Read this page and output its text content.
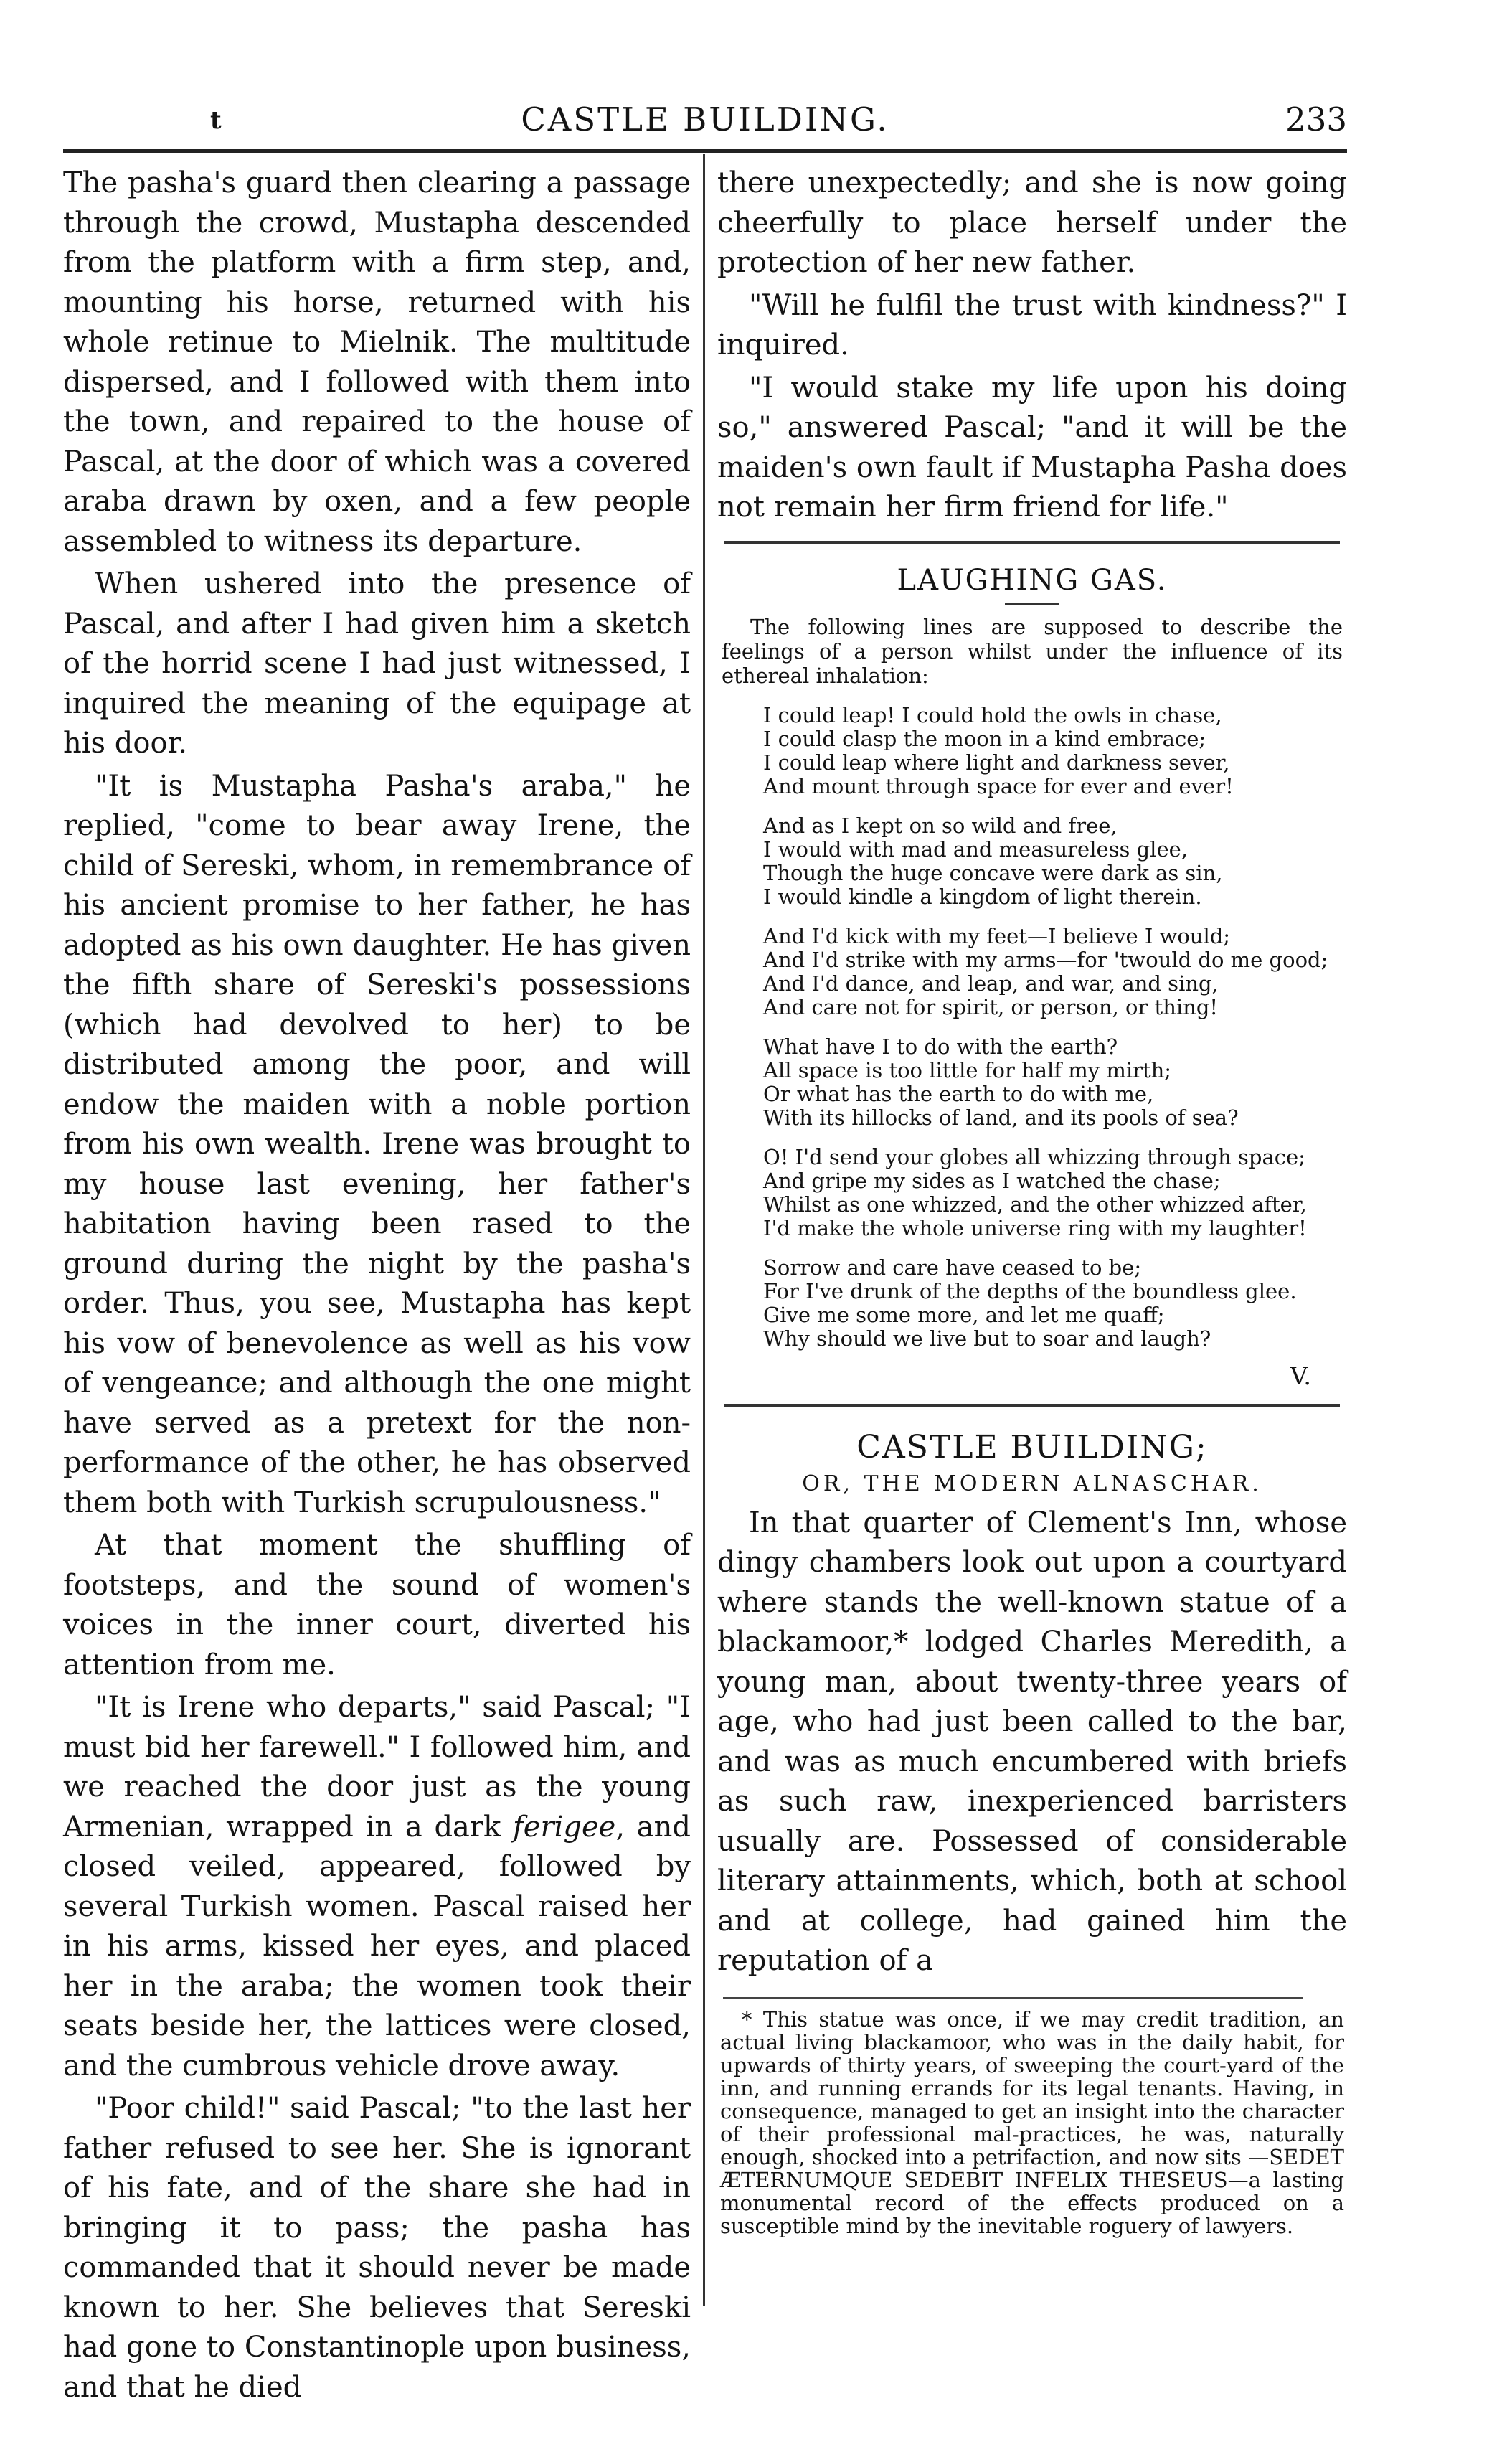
t	CASTLE BUILDING.	233

The pasha's guard then clearing a passage through the crowd, Mustapha descended from the platform with a firm step, and, mounting his horse, returned with his whole retinue to Mielnik. The multitude dispersed, and I followed with them into the town, and repaired to the house of Pascal, at the door of which was a covered araba drawn by oxen, and a few people assembled to witness its departure.

When ushered into the presence of Pascal, and after I had given him a sketch of the horrid scene I had just witnessed, I inquired the meaning of the equipage at his door.

"It is Mustapha Pasha's araba," he replied, "come to bear away Irene, the child of Sereski, whom, in remembrance of his ancient promise to her father, he has adopted as his own daughter. He has given the fifth share of Sereski's possessions (which had devolved to her) to be distributed among the poor, and will endow the maiden with a noble portion from his own wealth. Irene was brought to my house last evening, her father's habitation having been rased to the ground during the night by the pasha's order. Thus, you see, Mustapha has kept his vow of benevolence as well as his vow of vengeance; and although the one might have served as a pretext for the non-performance of the other, he has observed them both with Turkish scrupulousness."

At that moment the shuffling of footsteps, and the sound of women's voices in the inner court, diverted his attention from me.

"It is Irene who departs," said Pascal; "I must bid her farewell." I followed him, and we reached the door just as the young Armenian, wrapped in a dark ferigee, and closed veiled, appeared, followed by several Turkish women. Pascal raised her in his arms, kissed her eyes, and placed her in the araba; the women took their seats beside her, the lattices were closed, and the cumbrous vehicle drove away.

"Poor child!" said Pascal; "to the last her father refused to see her. She is ignorant of his fate, and of the share she had in bringing it to pass; the pasha has commanded that it should never be made known to her. She believes that Sereski had gone to Constantinople upon business, and that he died

there unexpectedly; and she is now going cheerfully to place herself under the protection of her new father.

"Will he fulfil the trust with kindness?" I inquired.

"I would stake my life upon his doing so," answered Pascal; "and it will be the maiden's own fault if Mustapha Pasha does not remain her firm friend for life."

LAUGHING GAS.
The following lines are supposed to describe the feelings of a person whilst under the influence of its ethereal inhalation:
I could leap! I could hold the owls in chase,
I could clasp the moon in a kind embrace;
I could leap where light and darkness sever,
And mount through space for ever and ever!
And as I kept on so wild and free,
I would with mad and measureless glee,
Though the huge concave were dark as sin,
I would kindle a kingdom of light therein.
And I'd kick with my feet—I believe I would;
And I'd strike with my arms—for 'twould do me good;
And I'd dance, and leap, and war, and sing,
And care not for spirit, or person, or thing!
What have I to do with the earth?
All space is too little for half my mirth;
Or what has the earth to do with me,
With its hillocks of land, and its pools of sea?
O! I'd send your globes all whizzing through space;
And gripe my sides as I watched the chase;
Whilst as one whizzed, and the other whizzed after,
I'd make the whole universe ring with my laughter!
Sorrow and care have ceased to be;
For I've drunk of the depths of the boundless glee.
Give me some more, and let me quaff;
Why should we live but to soar and laugh?
V.
CASTLE BUILDING;
OR, THE MODERN ALNASCHAR.

In that quarter of Clement's Inn, whose dingy chambers look out upon a courtyard where stands the well-known statue of a blackamoor,* lodged Charles Meredith, a young man, about twenty-three years of age, who had just been called to the bar, and was as much encumbered with briefs as such raw, inexperienced barristers usually are. Possessed of considerable literary attainments, which, both at school and at college, had gained him the reputation of a

* This statue was once, if we may credit tradition, an actual living blackamoor, who was in the daily habit, for upwards of thirty years, of sweeping the court-yard of the inn, and running errands for its legal tenants. Having, in consequence, managed to get an insight into the character of their professional mal-practices, he was, naturally enough, shocked into a petrifaction, and now sits —SEDET ÆTERNUMQUE SEDEBIT INFELIX THESEUS—a lasting monumental record of the effects produced on a susceptible mind by the inevitable roguery of lawyers.
